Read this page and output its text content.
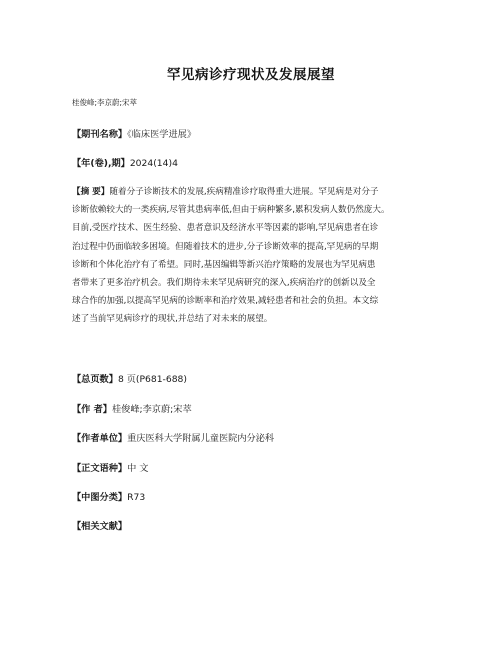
罕见病诊疗现状及发展展望
桂俊峰;李京蔚;宋萃
【期刊名称】《临床医学进展》
【年(卷),期】2024(14)4
【摘 要】随着分子诊断技术的发展,疾病精准诊疗取得重大进展。罕见病是对分子
诊断依赖较大的一类疾病,尽管其患病率低,但由于病种繁多,累积发病人数仍然庞大。
目前,受医疗技术、医生经验、患者意识及经济水平等因素的影响,罕见病患者在诊
治过程中仍面临较多困境。但随着技术的进步,分子诊断效率的提高,罕见病的早期
诊断和个体化治疗有了希望。同时,基因编辑等新兴治疗策略的发展也为罕见病患
者带来了更多治疗机会。我们期待未来罕见病研究的深入,疾病治疗的创新以及全
球合作的加强,以提高罕见病的诊断率和治疗效果,减轻患者和社会的负担。本文综
述了当前罕见病诊疗的现状,并总结了对未来的展望。
【总页数】8 页(P681-688)
【作 者】桂俊峰;李京蔚;宋萃
【作者单位】重庆医科大学附属儿童医院内分泌科
【正文语种】中 文
【中图分类】R73
【相关文献】
